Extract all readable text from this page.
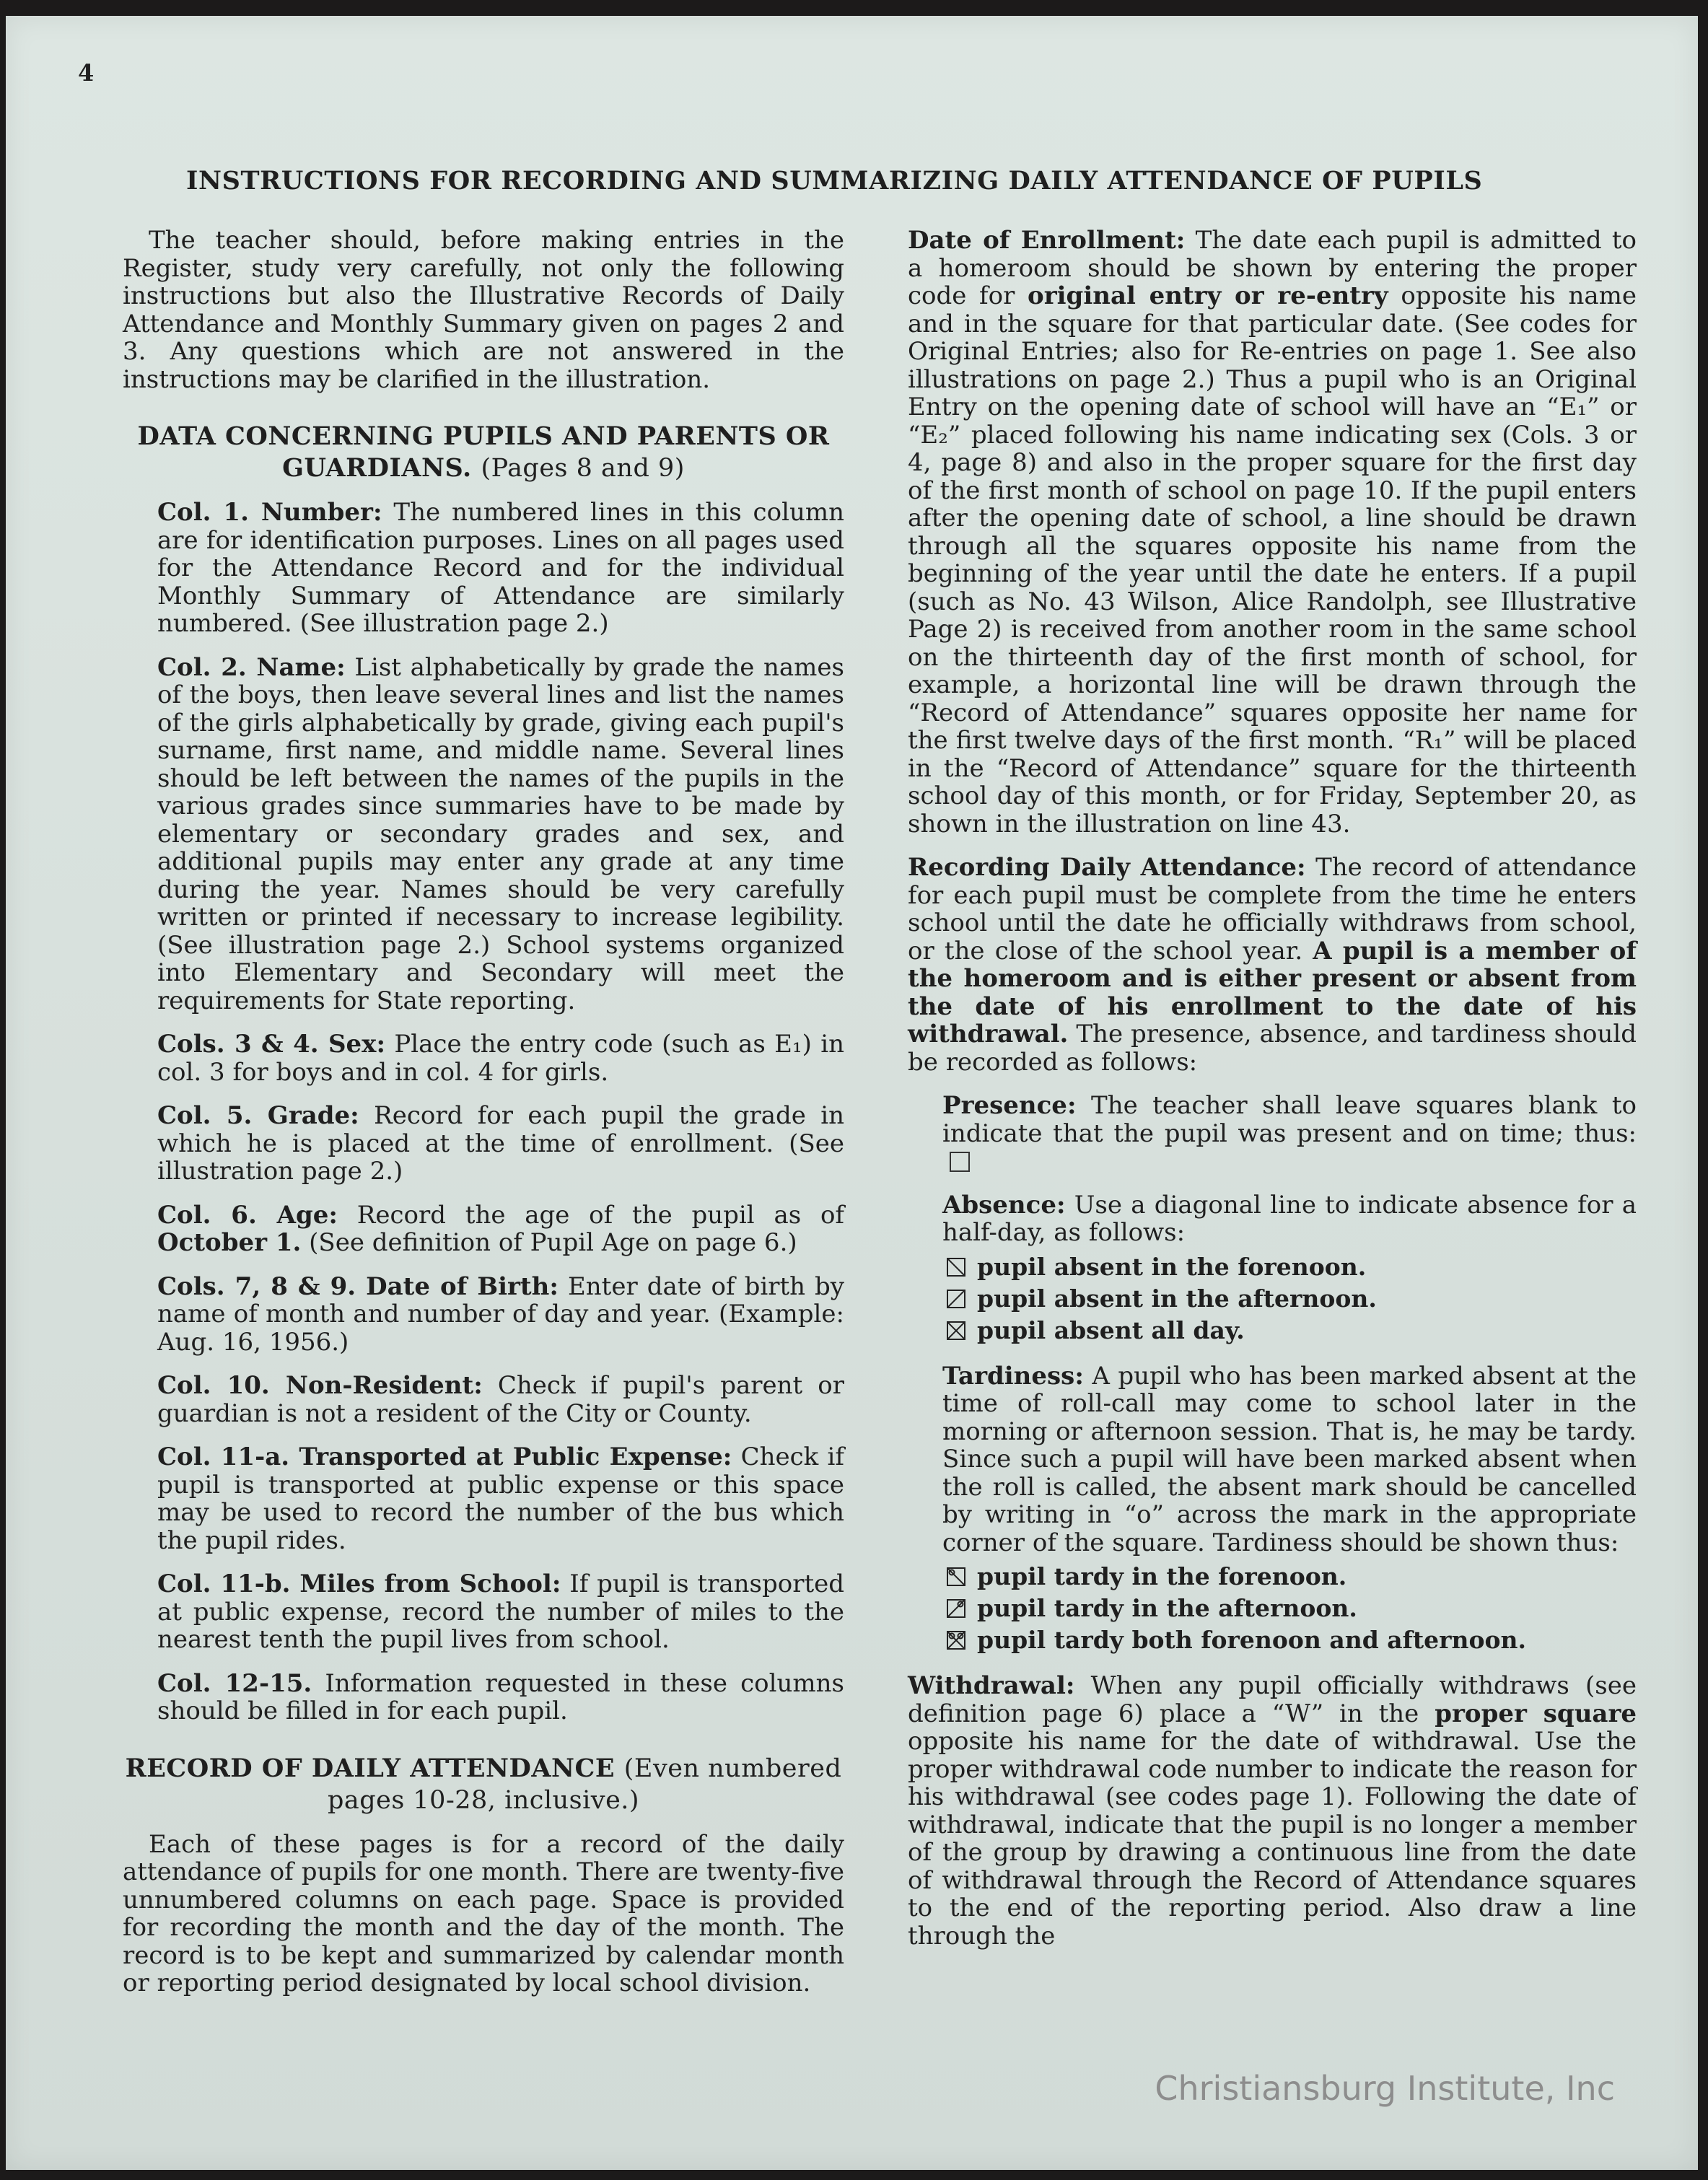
4
INSTRUCTIONS FOR RECORDING AND SUMMARIZING DAILY ATTENDANCE OF PUPILS

The teacher should, before making entries in the Register, study very carefully, not only the following instructions but also the Illustrative Records of Daily Attendance and Monthly Summary given on pages 2 and 3. Any questions which are not answered in the instructions may be clarified in the illustration.

DATA CONCERNING PUPILS AND PARENTS OR GUARDIANS. (Pages 8 and 9)

Col. 1. Number: The numbered lines in this column are for identification purposes. Lines on all pages used for the Attendance Record and for the individual Monthly Summary of Attendance are similarly numbered. (See illustration page 2.)

Col. 2. Name: List alphabetically by grade the names of the boys, then leave several lines and list the names of the girls alphabetically by grade, giving each pupil's surname, first name, and middle name. Several lines should be left between the names of the pupils in the various grades since summaries have to be made by elementary or secondary grades and sex, and additional pupils may enter any grade at any time during the year. Names should be very carefully written or printed if necessary to increase legibility. (See illustration page 2.) School systems organized into Elementary and Secondary will meet the requirements for State reporting.

Cols. 3 & 4. Sex: Place the entry code (such as E₁) in col. 3 for boys and in col. 4 for girls.

Col. 5. Grade: Record for each pupil the grade in which he is placed at the time of enrollment. (See illustration page 2.)

Col. 6. Age: Record the age of the pupil as of October 1. (See definition of Pupil Age on page 6.)

Cols. 7, 8 & 9. Date of Birth: Enter date of birth by name of month and number of day and year. (Example: Aug. 16, 1956.)

Col. 10. Non-Resident: Check if pupil's parent or guardian is not a resident of the City or County.

Col. 11-a. Transported at Public Expense: Check if pupil is transported at public expense or this space may be used to record the number of the bus which the pupil rides.

Col. 11-b. Miles from School: If pupil is transported at public expense, record the number of miles to the nearest tenth the pupil lives from school.

Col. 12-15. Information requested in these columns should be filled in for each pupil.

RECORD OF DAILY ATTENDANCE (Even numbered pages 10-28, inclusive.)

Each of these pages is for a record of the daily attendance of pupils for one month. There are twenty-five unnumbered columns on each page. Space is provided for recording the month and the day of the month. The record is to be kept and summarized by calendar month or reporting period designated by local school division.

Date of Enrollment: The date each pupil is admitted to a homeroom should be shown by entering the proper code for original entry or re-entry opposite his name and in the square for that particular date. (See codes for Original Entries; also for Re-entries on page 1. See also illustrations on page 2.) Thus a pupil who is an Original Entry on the opening date of school will have an “E₁” or “E₂” placed following his name indicating sex (Cols. 3 or 4, page 8) and also in the proper square for the first day of the first month of school on page 10. If the pupil enters after the opening date of school, a line should be drawn through all the squares opposite his name from the beginning of the year until the date he enters. If a pupil (such as No. 43 Wilson, Alice Randolph, see Illustrative Page 2) is received from another room in the same school on the thirteenth day of the first month of school, for example, a horizontal line will be drawn through the “Record of Attendance” squares opposite her name for the first twelve days of the first month. “R₁” will be placed in the “Record of Attendance” square for the thirteenth school day of this month, or for Friday, September 20, as shown in the illustration on line 43.

Recording Daily Attendance: The record of attendance for each pupil must be complete from the time he enters school until the date he officially withdraws from school, or the close of the school year. A pupil is a member of the homeroom and is either present or absent from the date of his enrollment to the date of his withdrawal. The presence, absence, and tardiness should be recorded as follows:

Presence: The teacher shall leave squares blank to indicate that the pupil was present and on time; thus:

Absence: Use a diagonal line to indicate absence for a half-day, as follows:

pupil absent in the forenoon.
pupil absent in the afternoon.
pupil absent all day.

Tardiness: A pupil who has been marked absent at the time of roll-call may come to school later in the morning or afternoon session. That is, he may be tardy. Since such a pupil will have been marked absent when the roll is called, the absent mark should be cancelled by writing in “o” across the mark in the appropriate corner of the square. Tardiness should be shown thus:

pupil tardy in the forenoon.
pupil tardy in the afternoon.
pupil tardy both forenoon and afternoon.

Withdrawal: When any pupil officially withdraws (see definition page 6) place a “W” in the proper square opposite his name for the date of withdrawal. Use the proper withdrawal code number to indicate the reason for his withdrawal (see codes page 1). Following the date of withdrawal, indicate that the pupil is no longer a member of the group by drawing a continuous line from the date of withdrawal through the Record of Attendance squares to the end of the reporting period. Also draw a line through the

Christiansburg Institute, Inc
